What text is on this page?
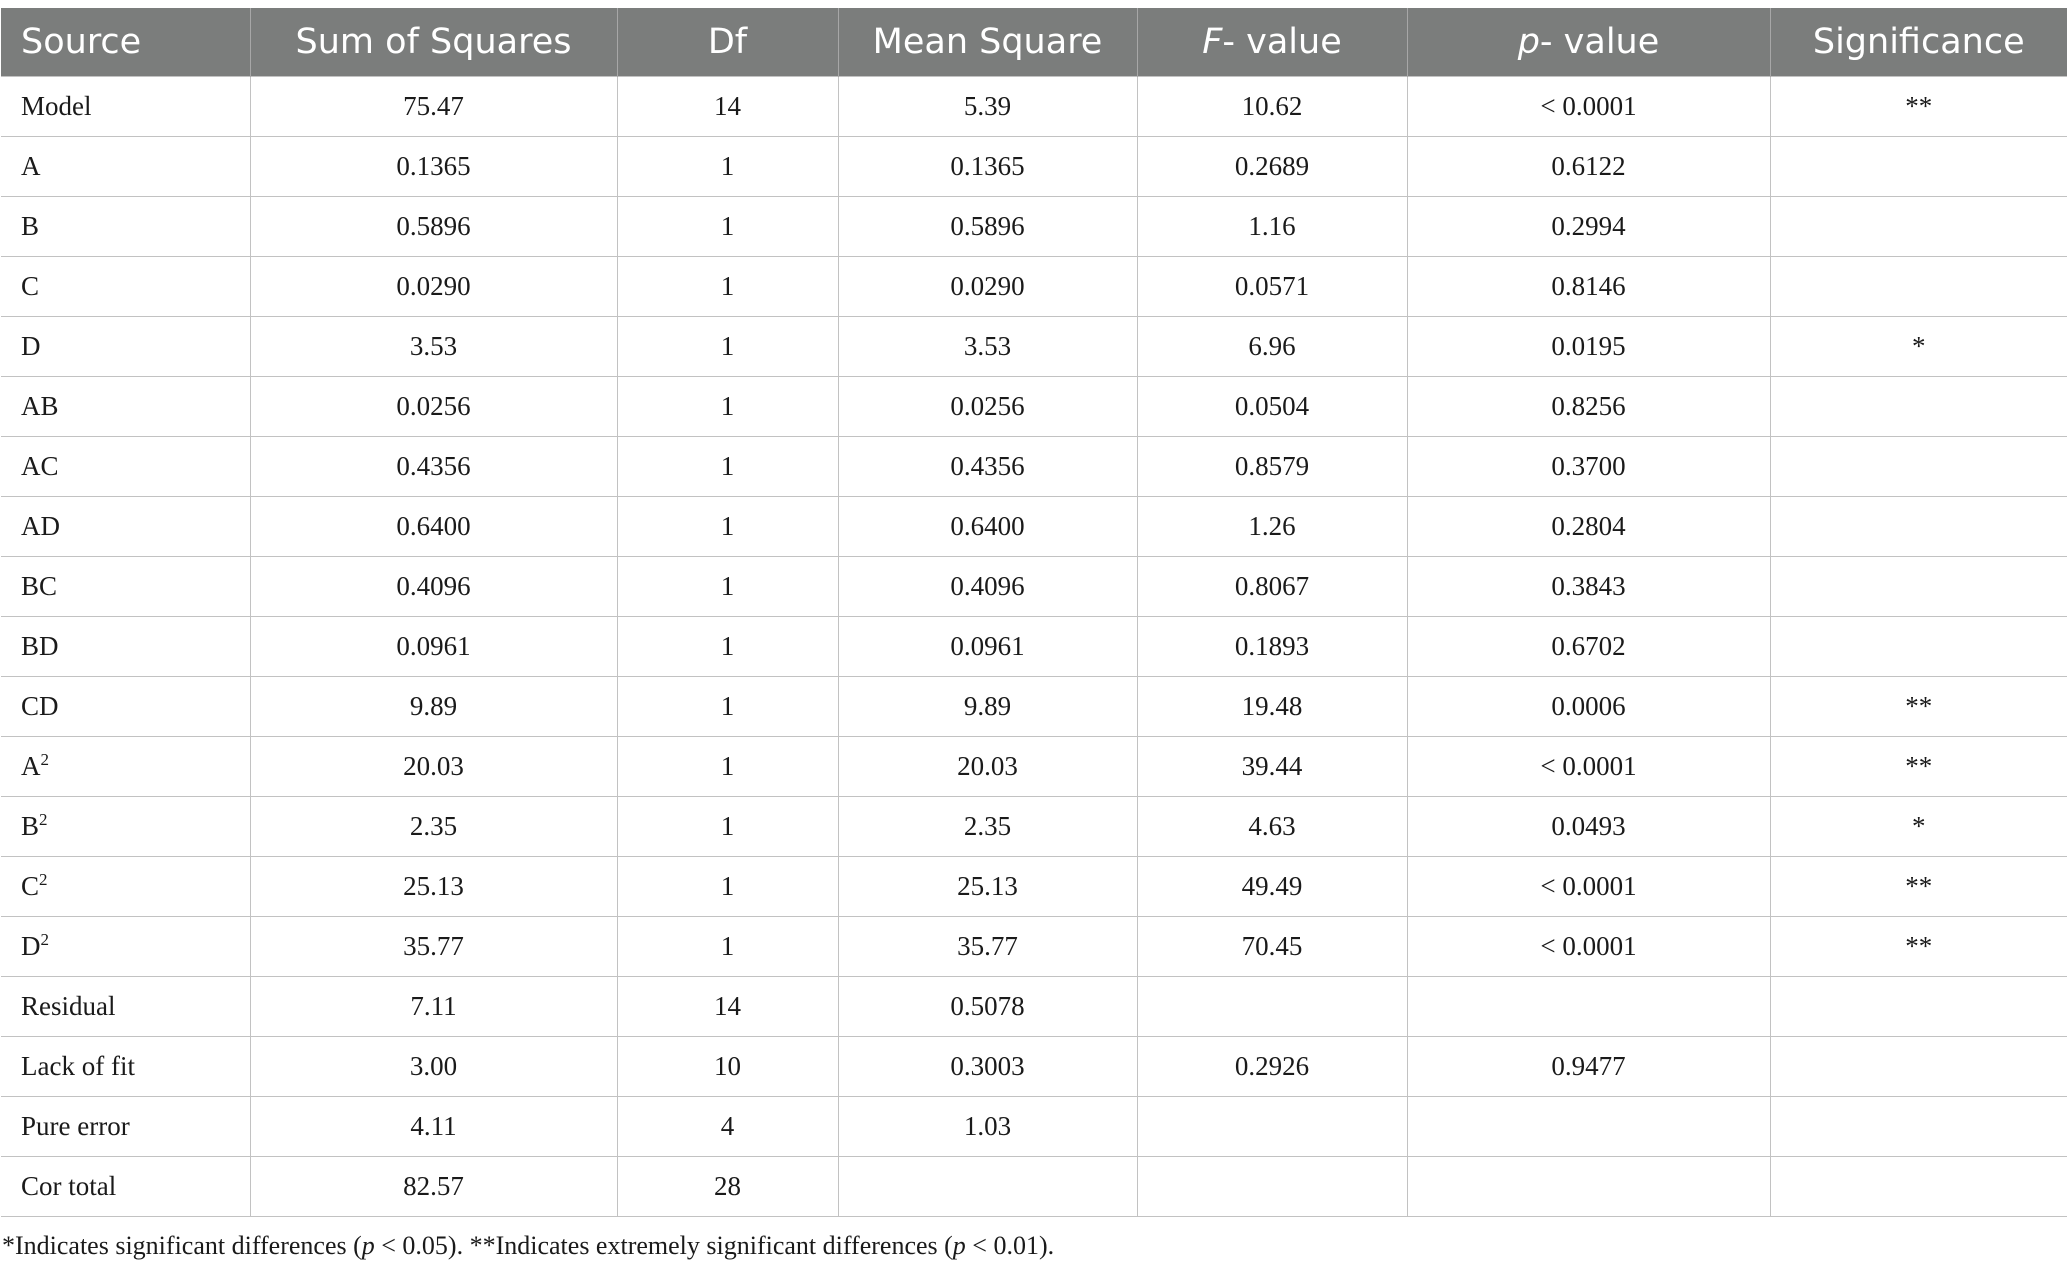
Source	Sum of Squares	Df	Mean Square	F- value	p- value	Significance
Model	75.47	14	5.39	10.62	< 0.0001	**
A	0.1365	1	0.1365	0.2689	0.6122	
B	0.5896	1	0.5896	1.16	0.2994	
C	0.0290	1	0.0290	0.0571	0.8146	
D	3.53	1	3.53	6.96	0.0195	*
AB	0.0256	1	0.0256	0.0504	0.8256	
AC	0.4356	1	0.4356	0.8579	0.3700	
AD	0.6400	1	0.6400	1.26	0.2804	
BC	0.4096	1	0.4096	0.8067	0.3843	
BD	0.0961	1	0.0961	0.1893	0.6702	
CD	9.89	1	9.89	19.48	0.0006	**
$A^2$	20.03	1	20.03	39.44	< 0.0001	**
$B^2$	2.35	1	2.35	4.63	0.0493	*
$C^2$	25.13	1	25.13	49.49	< 0.0001	**
$D^2$	35.77	1	35.77	70.45	< 0.0001	**
Residual	7.11	14	0.5078			
Lack of fit	3.00	10	0.3003	0.2926	0.9477	
Pure error	4.11	4	1.03			
Cor total	82.57	28				
*Indicates significant differences (p < 0.05). **Indicates extremely significant differences (p < 0.01).
